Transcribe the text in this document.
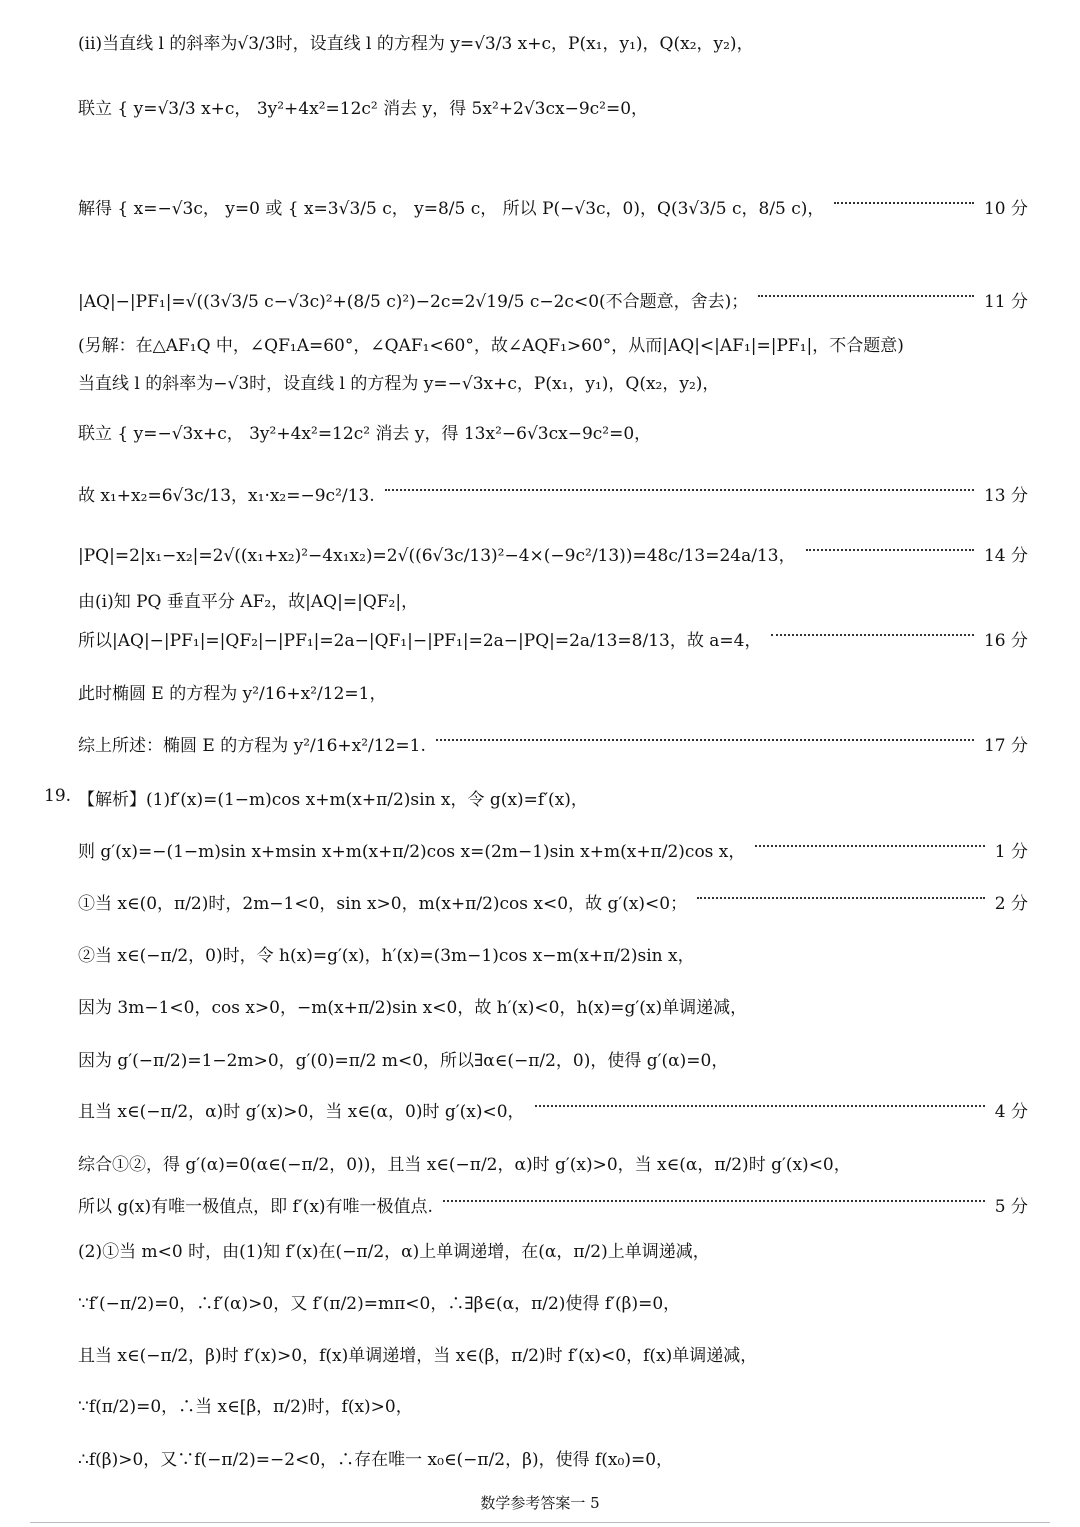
(ⅱ)当直线 l 的斜率为√3/3时，设直线 l 的方程为 y=√3/3 x+c，P(x₁，y₁)，Q(x₂，y₂)，
联立 { y=√3/3 x+c， 3y²+4x²=12c² 消去 y，得 5x²+2√3cx−9c²=0，
解得 { x=−√3c， y=0 或 { x=3√3/5 c， y=8/5 c， 所以 P(−√3c，0)，Q(3√3/5 c，8/5 c)，	10 分
|AQ|−|PF₁|=√((3√3/5 c−√3c)²+(8/5 c)²)−2c=2√19/5 c−2c<0(不合题意，舍去)；	11 分
(另解：在△AF₁Q 中，∠QF₁A=60°，∠QAF₁<60°，故∠AQF₁>60°，从而|AQ|<|AF₁|=|PF₁|，不合题意)
当直线 l 的斜率为−√3时，设直线 l 的方程为 y=−√3x+c，P(x₁，y₁)，Q(x₂，y₂)，
联立 { y=−√3x+c， 3y²+4x²=12c² 消去 y，得 13x²−6√3cx−9c²=0，
故 x₁+x₂=6√3c/13，x₁·x₂=−9c²/13.	13 分
|PQ|=2|x₁−x₂|=2√((x₁+x₂)²−4x₁x₂)=2√((6√3c/13)²−4×(−9c²/13))=48c/13=24a/13，	14 分
由(ⅰ)知 PQ 垂直平分 AF₂，故|AQ|=|QF₂|，
所以|AQ|−|PF₁|=|QF₂|−|PF₁|=2a−|QF₁|−|PF₁|=2a−|PQ|=2a/13=8/13，故 a=4，	16 分
此时椭圆 E 的方程为 y²/16+x²/12=1，
综上所述：椭圆 E 的方程为 y²/16+x²/12=1.	17 分
【解析】(1)f′(x)=(1−m)cos x+m(x+π/2)sin x，令 g(x)=f′(x)，
则 g′(x)=−(1−m)sin x+msin x+m(x+π/2)cos x=(2m−1)sin x+m(x+π/2)cos x，	1 分
①当 x∈(0，π/2)时，2m−1<0，sin x>0，m(x+π/2)cos x<0，故 g′(x)<0；	2 分
②当 x∈(−π/2，0)时，令 h(x)=g′(x)，h′(x)=(3m−1)cos x−m(x+π/2)sin x，
因为 3m−1<0，cos x>0，−m(x+π/2)sin x<0，故 h′(x)<0，h(x)=g′(x)单调递减，
因为 g′(−π/2)=1−2m>0，g′(0)=π/2 m<0，所以∃α∈(−π/2，0)，使得 g′(α)=0，
且当 x∈(−π/2，α)时 g′(x)>0，当 x∈(α，0)时 g′(x)<0，	4 分
综合①②，得 g′(α)=0(α∈(−π/2，0))，且当 x∈(−π/2，α)时 g′(x)>0，当 x∈(α，π/2)时 g′(x)<0，
所以 g(x)有唯一极值点，即 f′(x)有唯一极值点.	5 分
(2)①当 m<0 时，由(1)知 f′(x)在(−π/2，α)上单调递增，在(α，π/2)上单调递减，
∵f′(−π/2)=0，∴f′(α)>0，又 f′(π/2)=mπ<0，∴∃β∈(α，π/2)使得 f′(β)=0，
且当 x∈(−π/2，β)时 f′(x)>0，f(x)单调递增，当 x∈(β，π/2)时 f′(x)<0，f(x)单调递减，
∵f(π/2)=0，∴当 x∈[β，π/2)时，f(x)>0，
∴f(β)>0，又∵f(−π/2)=−2<0，∴存在唯一 x₀∈(−π/2，β)，使得 f(x₀)=0，
19.
数学参考答案一 5
